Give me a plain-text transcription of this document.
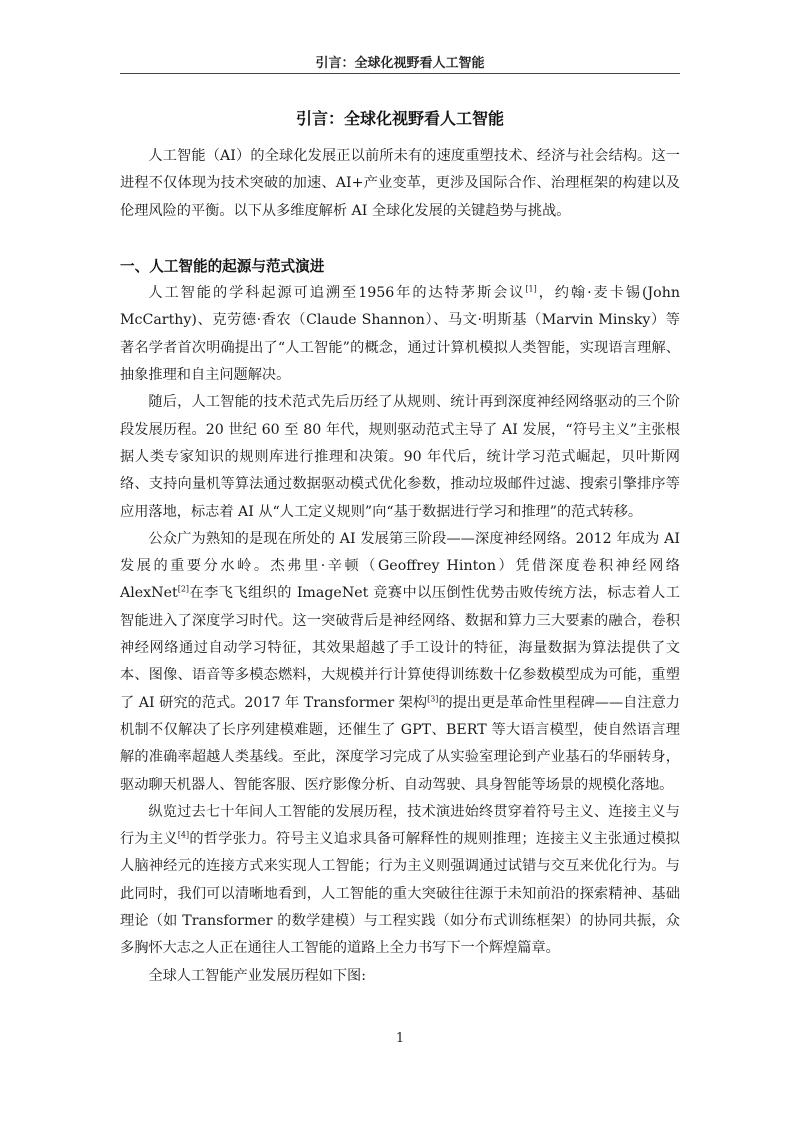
引言：全球化视野看人工智能
引言：全球化视野看人工智能

人工智能（AI）的全球化发展正以前所未有的速度重塑技术、经济与社会结构。这一进程不仅体现为技术突破的加速、AI+产业变革，更涉及国际合作、治理框架的构建以及伦理风险的平衡。以下从多维度解析 AI 全球化发展的关键趋势与挑战。

一、人工智能的起源与范式演进

人工智能的学科起源可追溯至1956年的达特茅斯会议[1]，约翰·麦卡锡(John McCarthy)、克劳德·香农（Claude Shannon）、马文·明斯基（Marvin Minsky）等著名学者首次明确提出了“人工智能”的概念，通过计算机模拟人类智能，实现语言理解、抽象推理和自主问题解决。

随后，人工智能的技术范式先后历经了从规则、统计再到深度神经网络驱动的三个阶段发展历程。20 世纪 60 至 80 年代，规则驱动范式主导了 AI 发展，“符号主义”主张根据人类专家知识的规则库进行推理和决策。90 年代后，统计学习范式崛起，贝叶斯网络、支持向量机等算法通过数据驱动模式优化参数，推动垃圾邮件过滤、搜索引擎排序等应用落地，标志着 AI 从“人工定义规则”向“基于数据进行学习和推理”的范式转移。

公众广为熟知的是现在所处的 AI 发展第三阶段——深度神经网络。2012 年成为 AI 发展的重要分水岭。杰弗里·辛顿（Geoffrey Hinton）凭借深度卷积神经网络 AlexNet[2]在李飞飞组织的 ImageNet 竞赛中以压倒性优势击败传统方法，标志着人工智能进入了深度学习时代。这一突破背后是神经网络、数据和算力三大要素的融合，卷积神经网络通过自动学习特征，其效果超越了手工设计的特征，海量数据为算法提供了文本、图像、语音等多模态燃料，大规模并行计算使得训练数十亿参数模型成为可能，重塑了 AI 研究的范式。2017 年 Transformer 架构[3]的提出更是革命性里程碑——自注意力机制不仅解决了长序列建模难题，还催生了 GPT、BERT 等大语言模型，使自然语言理解的准确率超越人类基线。至此，深度学习完成了从实验室理论到产业基石的华丽转身，驱动聊天机器人、智能客服、医疗影像分析、自动驾驶、具身智能等场景的规模化落地。

纵览过去七十年间人工智能的发展历程，技术演进始终贯穿着符号主义、连接主义与行为主义[4]的哲学张力。符号主义追求具备可解释性的规则推理；连接主义主张通过模拟人脑神经元的连接方式来实现人工智能；行为主义则强调通过试错与交互来优化行为。与此同时，我们可以清晰地看到，人工智能的重大突破往往源于未知前沿的探索精神、基础理论（如 Transformer 的数学建模）与工程实践（如分布式训练框架）的协同共振，众多胸怀大志之人正在通往人工智能的道路上全力书写下一个辉煌篇章。

全球人工智能产业发展历程如下图:

1
